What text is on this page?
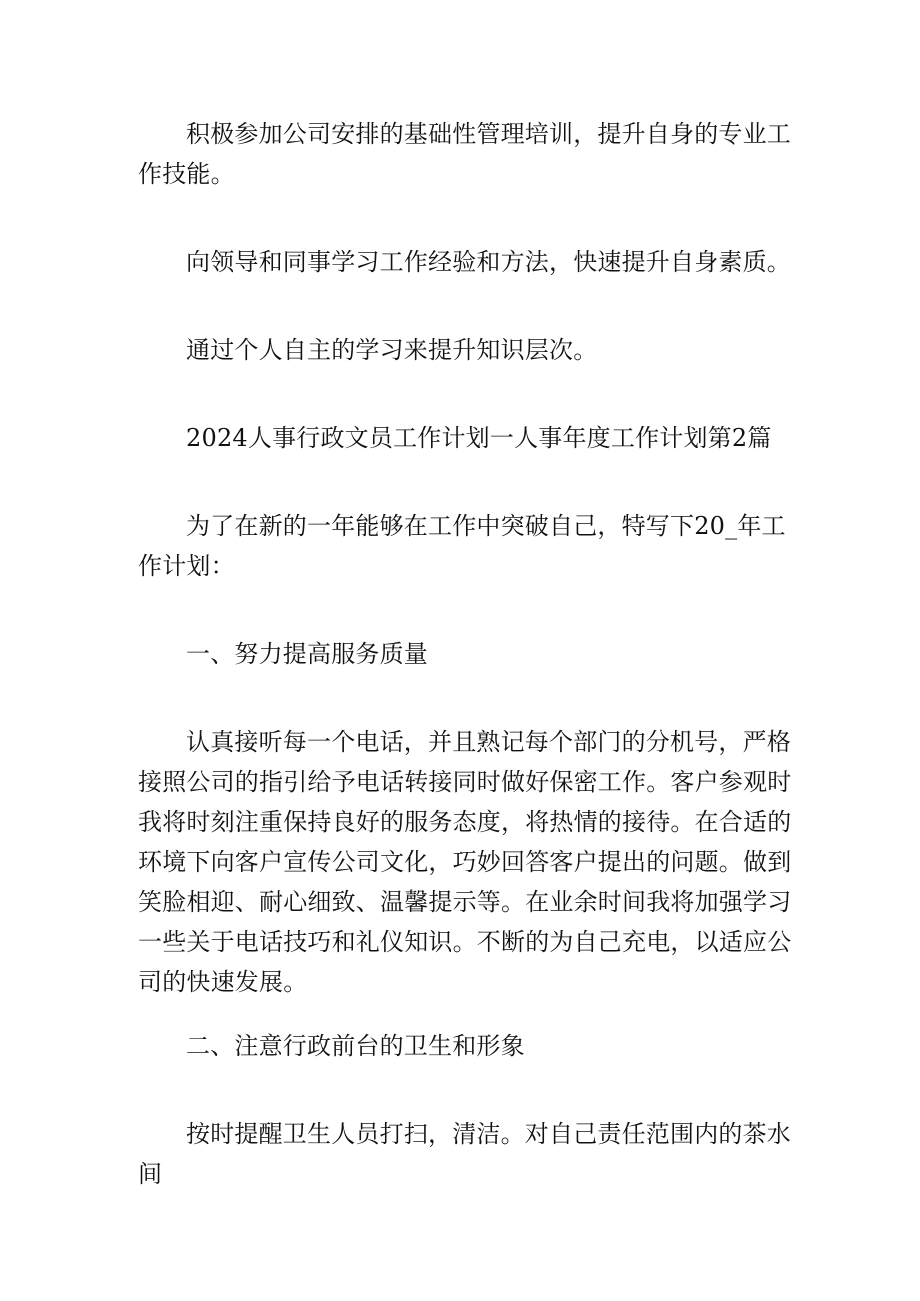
积极参加公司安排的基础性管理培训，提升自身的专业工作技能。

向领导和同事学习工作经验和方法，快速提升自身素质。

通过个人自主的学习来提升知识层次。

2024人事行政文员工作计划一人事年度工作计划第2篇

为了在新的一年能够在工作中突破自己，特写下20_年工作计划：

一、努力提高服务质量

认真接听每一个电话，并且熟记每个部门的分机号，严格接照公司的指引给予电话转接同时做好保密工作。客户参观时我将时刻注重保持良好的服务态度，将热情的接待。在合适的环境下向客户宣传公司文化，巧妙回答客户提出的问题。做到笑脸相迎、耐心细致、温馨提示等。在业余时间我将加强学习一些关于电话技巧和礼仪知识。不断的为自己充电，以适应公司的快速发展。

二、注意行政前台的卫生和形象

按时提醒卫生人员打扫，清洁。对自己责任范围内的茶水间
